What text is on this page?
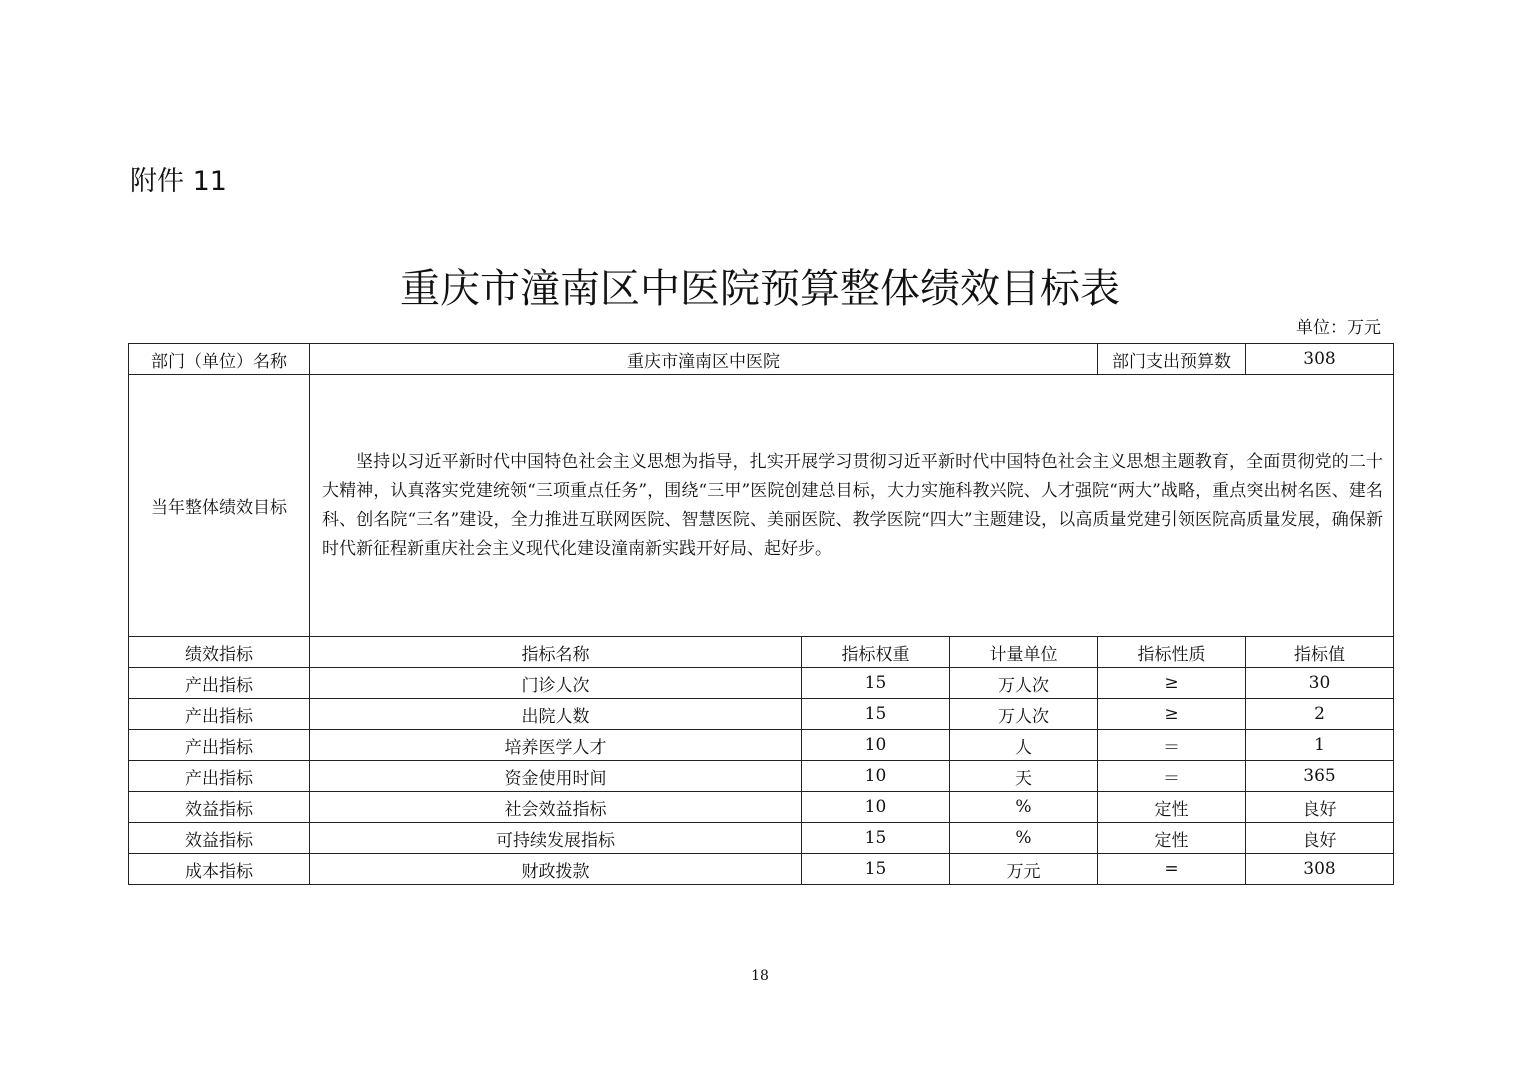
附件 11
重庆市潼南区中医院预算整体绩效目标表
单位：万元
部门（单位）名称	重庆市潼南区中医院			部门支出预算数	308
当年整体绩效目标	坚持以习近平新时代中国特色社会主义思想为指导，扎实开展学习贯彻习近平新时代中国特色社会主义思想主题教育，全面贯彻党的二十大精神，认真落实党建统领“三项重点任务”，围绕“三甲”医院创建总目标，大力实施科教兴院、人才强院“两大”战略，重点突出树名医、建名科、创名院“三名”建设，全力推进互联网医院、智慧医院、美丽医院、教学医院“四大”主题建设，以高质量党建引领医院高质量发展，确保新时代新征程新重庆社会主义现代化建设潼南新实践开好局、起好步。				
绩效指标	指标名称	指标权重	计量单位	指标性质	指标值
产出指标	门诊人次	15	万人次	≥	30
产出指标	出院人数	15	万人次	≥	2
产出指标	培养医学人才	10	人	＝	1
产出指标	资金使用时间	10	天	＝	365
效益指标	社会效益指标	10	%	定性	良好
效益指标	可持续发展指标	15	%	定性	良好
成本指标	财政拨款	15	万元	=	308
18
